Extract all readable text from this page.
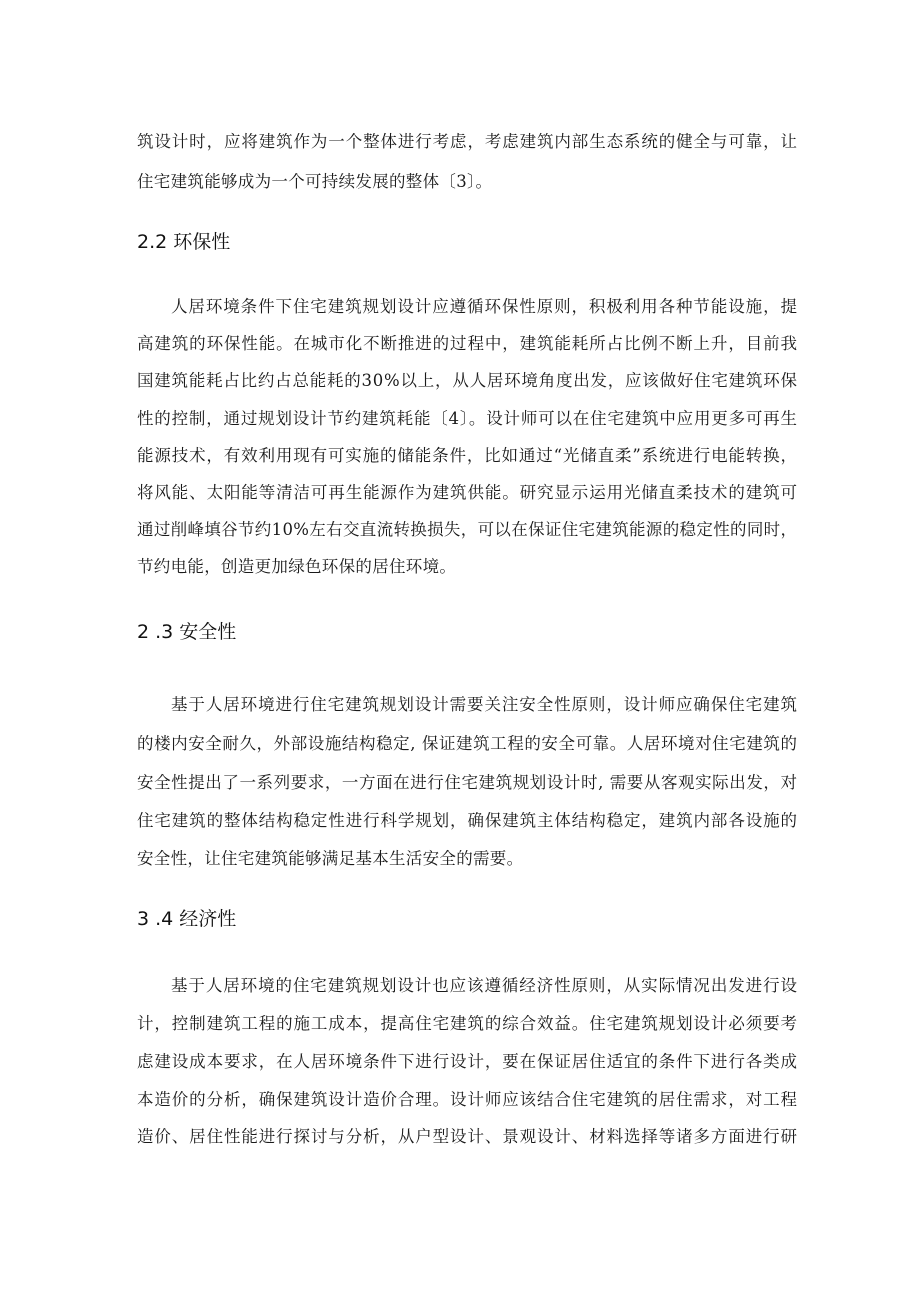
筑设计时，应将建筑作为一个整体进行考虑，考虑建筑内部生态系统的健全与可靠，让
住宅建筑能够成为一个可持续发展的整体〔3〕。
2.2 环保性
人居环境条件下住宅建筑规划设计应遵循环保性原则，积极利用各种节能设施，提
高建筑的环保性能。在城市化不断推进的过程中，建筑能耗所占比例不断上升，目前我
国建筑能耗占比约占总能耗的30%以上，从人居环境角度出发，应该做好住宅建筑环保
性的控制，通过规划设计节约建筑耗能〔4〕。设计师可以在住宅建筑中应用更多可再生
能源技术，有效利用现有可实施的储能条件，比如通过“光储直柔”系统进行电能转换，
将风能、太阳能等清洁可再生能源作为建筑供能。研究显示运用光储直柔技术的建筑可
通过削峰填谷节约10%左右交直流转换损失，可以在保证住宅建筑能源的稳定性的同时，
节约电能，创造更加绿色环保的居住环境。
2 .3 安全性
基于人居环境进行住宅建筑规划设计需要关注安全性原则，设计师应确保住宅建筑
的楼内安全耐久，外部设施结构稳定, 保证建筑工程的安全可靠。人居环境对住宅建筑的
安全性提出了一系列要求，一方面在进行住宅建筑规划设计时, 需要从客观实际出发，对
住宅建筑的整体结构稳定性进行科学规划，确保建筑主体结构稳定，建筑内部各设施的
安全性，让住宅建筑能够满足基本生活安全的需要。
3 .4 经济性
基于人居环境的住宅建筑规划设计也应该遵循经济性原则，从实际情况出发进行设
计，控制建筑工程的施工成本，提高住宅建筑的综合效益。住宅建筑规划设计必须要考
虑建设成本要求，在人居环境条件下进行设计，要在保证居住适宜的条件下进行各类成
本造价的分析，确保建筑设计造价合理。设计师应该结合住宅建筑的居住需求，对工程
造价、居住性能进行探讨与分析，从户型设计、景观设计、材料选择等诸多方面进行研
